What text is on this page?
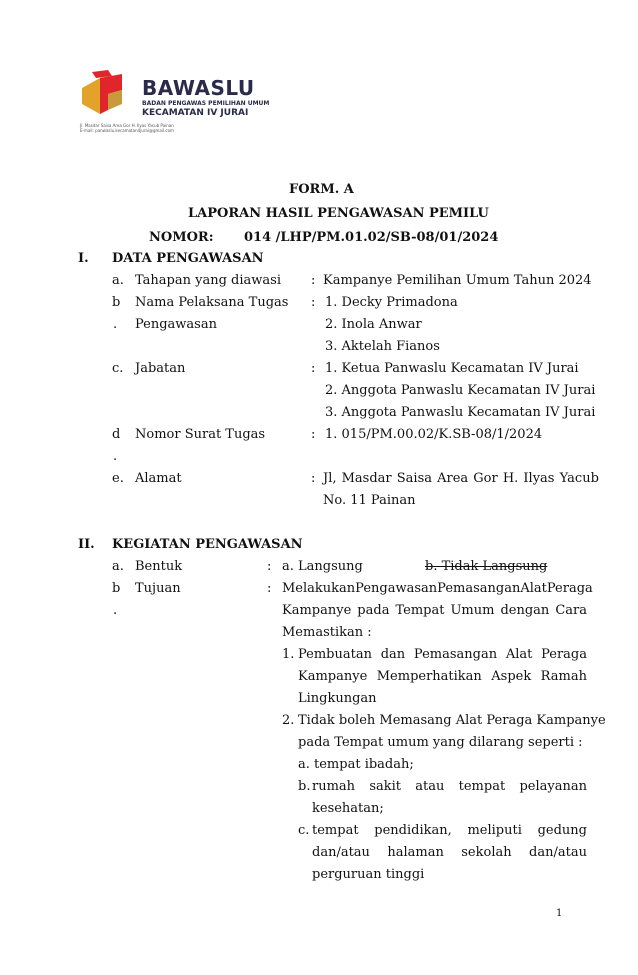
BAWASLU
BADAN PENGAWAS PEMILIHAN UMUM
KECAMATAN IV JURAI
Jl. Masdar Saisa Area Gor H. Ilyas Yacub Painan
E-mail: panwaslu.kecamatan4jurai@gmail.com
FORM. A
LAPORAN HASIL PENGAWASAN PEMILU
NOMOR: 014 /LHP/PM.01.02/SB-08/01/2024
I. DATA PENGAWASAN
a. Tahapan yang diawasi : Kampanye Pemilihan Umum Tahun 2024
b Nama Pelaksana Tugas : 1. Decky Primadona
. Pengawasan	2. Inola Anwar
3. Aktelah Fianos
c. Jabatan	: 1. Ketua Panwaslu Kecamatan IV Jurai
2. Anggota Panwaslu Kecamatan IV Jurai
3. Anggota Panwaslu Kecamatan IV Jurai
d Nomor Surat Tugas	: 1. 015/PM.00.02/K.SB-08/1/2024
.
e. Alamat	: Jl, Masdar Saisa Area Gor H. Ilyas Yacub
No. 11 Painan
II. KEGIATAN PENGAWASAN
a. Bentuk	: a. Langsung	b. Tidak Langsung
b Tujuan	: Melakukan Pengawasan Pemasangan Alat Peraga
.	Kampanye pada Tempat Umum dengan Cara
Memastikan :
1. Pembuatan dan Pemasangan Alat Peraga
Kampanye Memperhatikan Aspek Ramah
Lingkungan
2. Tidak boleh Memasang Alat Peraga Kampanye
pada Tempat umum yang dilarang seperti :
a. tempat ibadah;
b. rumah sakit atau tempat pelayanan
kesehatan;
c. tempat pendidikan, meliputi gedung
dan/atau halaman sekolah dan/atau
perguruan tinggi
1
